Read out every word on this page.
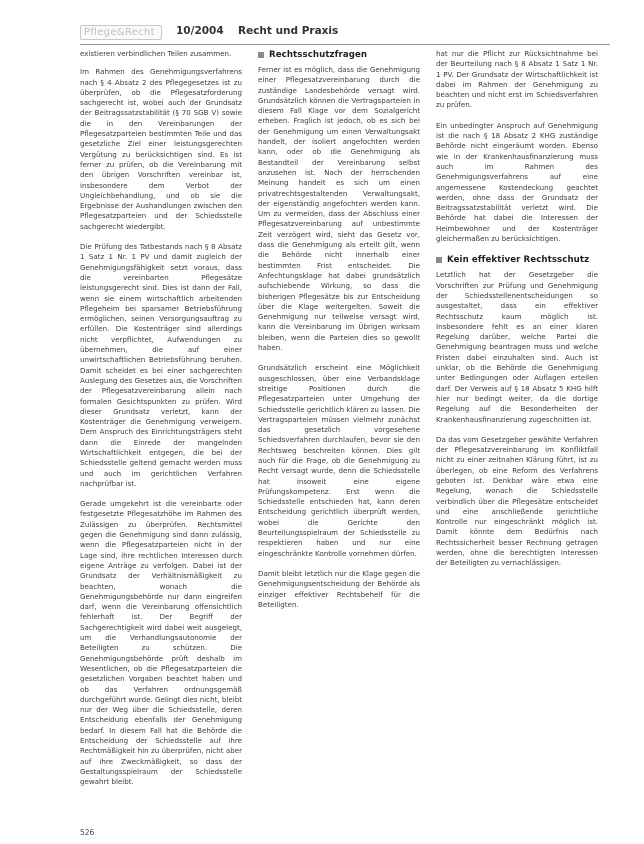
Pflege&Recht 10/2004 Recht und Praxis

existieren verbindlichen Teilen zusammen.

Im Rahmen des Genehmigungsverfahrens nach § 4 Absatz 2 des Pflegegesetzes ist zu überprüfen, ob die Pflegesatzforderung sachgerecht ist, wobei auch der Grundsatz der Beitragssatzstabilität (§ 70 SGB V) sowie die in den Vereinbarungen der Pflegesatzparteien bestimmten Teile und das gesetzliche Ziel einer leistungsgerechten Vergütung zu berücksichtigen sind. Es ist ferner zu prüfen, ob die Vereinbarung mit den übrigen Vorschriften vereinbar ist, insbesondere dem Verbot der Ungleichbehandlung, und ob sie die Ergebnisse der Aushandlungen zwischen den Pflegesatzparteien und der Schiedsstelle sachgerecht wiedergibt.

Die Prüfung des Tatbestands nach § 8 Absatz 1 Satz 1 Nr. 1 PV und damit zugleich der Genehmigungsfähigkeit setzt voraus, dass die vereinbarten Pflegesätze leistungsgerecht sind. Dies ist dann der Fall, wenn sie einem wirtschaftlich arbeitenden Pflegeheim bei sparsamer Betriebsführung ermöglichen, seinen Versorgungsauftrag zu erfüllen. Die Kostenträger sind allerdings nicht verpflichtet, Aufwendungen zu übernehmen, die auf einer unwirtschaftlichen Betriebsführung beruhen. Damit scheidet es bei einer sachgerechten Auslegung des Gesetzes aus, die Vorschriften der Pflegesatzvereinbarung allein nach formalen Gesichtspunkten zu prüfen. Wird dieser Grundsatz verletzt, kann der Kostenträger die Genehmigung verweigern. Dem Anspruch des Einrichtungsträgers steht dann die Einrede der mangelnden Wirtschaftlichkeit entgegen, die bei der Schiedsstelle geltend gemacht werden muss und auch im gerichtlichen Verfahren nachprüfbar ist.

Gerade umgekehrt ist die vereinbarte oder festgesetzte Pflegesatzhöhe im Rahmen des Zulässigen zu überprüfen. Rechtsmittel gegen die Genehmigung sind dann zulässig, wenn die Pflegesatzparteien nicht in der Lage sind, ihre rechtlichen Interessen durch eigene Anträge zu verfolgen. Dabei ist der Grundsatz der Verhältnismäßigkeit zu beachten, wonach die Genehmigungsbehörde nur dann eingreifen darf, wenn die Vereinbarung offensichtlich fehlerhaft ist. Der Begriff der Sachgerechtigkeit wird dabei weit ausgelegt, um die Verhandlungsautonomie der Beteiligten zu schützen. Die Genehmigungsbehörde prüft deshalb im Wesentlichen, ob die Pflegesatzparteien die gesetzlichen Vorgaben beachtet haben und ob das Verfahren ordnungsgemäß durchgeführt wurde. Gelingt dies nicht, bleibt nur der Weg über die Schiedsstelle, deren Entscheidung ebenfalls der Genehmigung bedarf. In diesem Fall hat die Behörde die Entscheidung der Schiedsstelle auf ihre Rechtmäßigkeit hin zu überprüfen, nicht aber auf ihre Zweckmäßigkeit, so dass der Gestaltungsspielraum der Schiedsstelle gewahrt bleibt.

Rechtsschutzfragen

Ferner ist es möglich, dass die Genehmigung einer Pflegesatzvereinbarung durch die zuständige Landesbehörde versagt wird. Grundsätzlich können die Vertragsparteien in diesem Fall Klage vor dem Sozialgericht erheben. Fraglich ist jedoch, ob es sich bei der Genehmigung um einen Verwaltungsakt handelt, der isoliert angefochten werden kann, oder ob die Genehmigung als Bestandteil der Vereinbarung selbst anzusehen ist. Nach der herrschenden Meinung handelt es sich um einen privatrechtsgestaltenden Verwaltungsakt, der eigenständig angefochten werden kann. Um zu vermeiden, dass der Abschluss einer Pflegesatzvereinbarung auf unbestimmte Zeit verzögert wird, sieht das Gesetz vor, dass die Genehmigung als erteilt gilt, wenn die Behörde nicht innerhalb einer bestimmten Frist entscheidet. Die Anfechtungsklage hat dabei grundsätzlich aufschiebende Wirkung, so dass die bisherigen Pflegesätze bis zur Entscheidung über die Klage weitergelten. Soweit die Genehmigung nur teilweise versagt wird, kann die Vereinbarung im Übrigen wirksam bleiben, wenn die Parteien dies so gewollt haben.

Grundsätzlich erscheint eine Möglichkeit ausgeschlossen, über eine Verbandsklage streitige Positionen durch die Pflegesatzparteien unter Umgehung der Schiedsstelle gerichtlich klären zu lassen. Die Vertragsparteien müssen vielmehr zunächst das gesetzlich vorgesehene Schiedsverfahren durchlaufen, bevor sie den Rechtsweg beschreiten können. Dies gilt auch für die Frage, ob die Genehmigung zu Recht versagt wurde, denn die Schiedsstelle hat insoweit eine eigene Prüfungskompetenz. Erst wenn die Schiedsstelle entschieden hat, kann deren Entscheidung gerichtlich überprüft werden, wobei die Gerichte den Beurteilungsspielraum der Schiedsstelle zu respektieren haben und nur eine eingeschränkte Kontrolle vornehmen dürfen.

Damit bleibt letztlich nur die Klage gegen die Genehmigungsentscheidung der Behörde als einziger effektiver Rechtsbehelf für die Beteiligten.

hat nur die Pflicht zur Rücksichtnahme bei der Beurteilung nach § 8 Absatz 1 Satz 1 Nr. 1 PV. Der Grundsatz der Wirtschaftlichkeit ist dabei im Rahmen der Genehmigung zu beachten und nicht erst im Schiedsverfahren zu prüfen.

Ein unbedingter Anspruch auf Genehmigung ist die nach § 18 Absatz 2 KHG zuständige Behörde nicht eingeräumt worden. Ebenso wie in der Krankenhausfinanzierung muss auch im Rahmen des Genehmigungsverfahrens auf eine angemessene Kostendeckung geachtet werden, ohne dass der Grundsatz der Beitragssatzstabilität verletzt wird. Die Behörde hat dabei die Interessen der Heimbewohner und der Kostenträger gleichermaßen zu berücksichtigen.

Kein effektiver Rechtsschutz

Letztlich hat der Gesetzgeber die Vorschriften zur Prüfung und Genehmigung der Schiedsstellenentscheidungen so ausgestaltet, dass ein effektiver Rechtsschutz kaum möglich ist. Insbesondere fehlt es an einer klaren Regelung darüber, welche Partei die Genehmigung beantragen muss und welche Fristen dabei einzuhalten sind. Auch ist unklar, ob die Behörde die Genehmigung unter Bedingungen oder Auflagen erteilen darf. Der Verweis auf § 18 Absatz 5 KHG hilft hier nur bedingt weiter, da die dortige Regelung auf die Besonderheiten der Krankenhausfinanzierung zugeschnitten ist.

Da das vom Gesetzgeber gewählte Verfahren der Pflegesatzvereinbarung im Konfliktfall nicht zu einer zeitnahen Klärung führt, ist zu überlegen, ob eine Reform des Verfahrens geboten ist. Denkbar wäre etwa eine Regelung, wonach die Schiedsstelle verbindlich über die Pflegesätze entscheidet und eine anschließende gerichtliche Kontrolle nur eingeschränkt möglich ist. Damit könnte dem Bedürfnis nach Rechtssicherheit besser Rechnung getragen werden, ohne die berechtigten Interessen der Beteiligten zu vernachlässigen.

526
